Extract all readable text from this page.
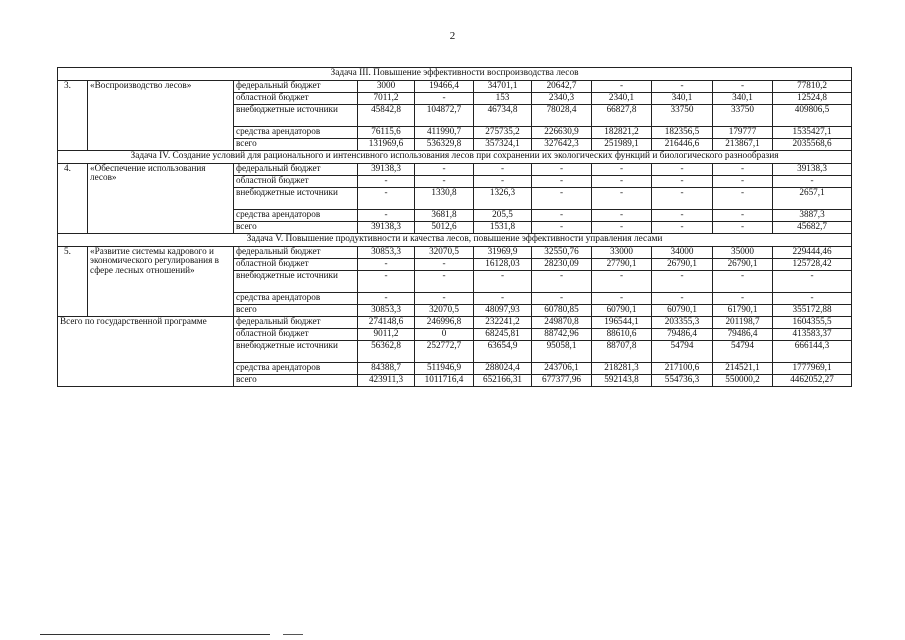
2
Задача III. Повышение эффективности воспроизводства лесов										
3.	«Воспроизводство лесов»	федеральный бюджет	3000	19466,4	34701,1	20642,7	-	-	-	77810,2
		областной бюджет	7011,2	-	153	2340,3	2340,1	340,1	340,1	12524,8
		внебюджетные источники	45842,8	104872,7	46734,8	78028,4	66827,8	33750	33750	409806,5
		средства арендаторов	76115,6	411990,7	275735,2	226630,9	182821,2	182356,5	179777	1535427,1
		всего	131969,6	536329,8	357324,1	327642,3	251989,1	216446,6	213867,1	2035568,6
Задача IV. Создание условий для рационального и интенсивного использования лесов при сохранении их экологических функций и биологического разнообразия										
4.	«Обеспечение использования лесов»	федеральный бюджет	39138,3	-	-	-	-	-	-	39138,3
		областной бюджет	-	-	-	-	-	-	-	-
		внебюджетные источники	-	1330,8	1326,3	-	-	-	-	2657,1
		средства арендаторов	-	3681,8	205,5	-	-	-	-	3887,3
		всего	39138,3	5012,6	1531,8	-	-	-	-	45682,7
Задача V. Повышение продуктивности и качества лесов, повышение эффективности управления лесами										
5.	«Развитие системы кадрового и экономического регулирования в сфере лесных отношений»	федеральный бюджет	30853,3	32070,5	31969,9	32550,76	33000	34000	35000	229444,46
		областной бюджет	-	-	16128,03	28230,09	27790,1	26790,1	26790,1	125728,42
		внебюджетные источники	-	-	-	-	-	-	-	-
		средства арендаторов	-	-	-	-	-	-	-	-
		всего	30853,3	32070,5	48097,93	60780,85	60790,1	60790,1	61790,1	355172,88
Всего по государственной программе		федеральный бюджет	274148,6	246996,8	232241,2	249870,8	196544,1	203355,3	201198,7	1604355,5
		областной бюджет	9011,2	0	68245,81	88742,96	88610,6	79486,4	79486,4	413583,37
		внебюджетные источники	56362,8	252772,7	63654,9	95058,1	88707,8	54794	54794	666144,3
		средства арендаторов	84388,7	511946,9	288024,4	243706,1	218281,3	217100,6	214521,1	1777969,1
		всего	423911,3	1011716,4	652166,31	677377,96	592143,8	554736,3	550000,2	4462052,27
